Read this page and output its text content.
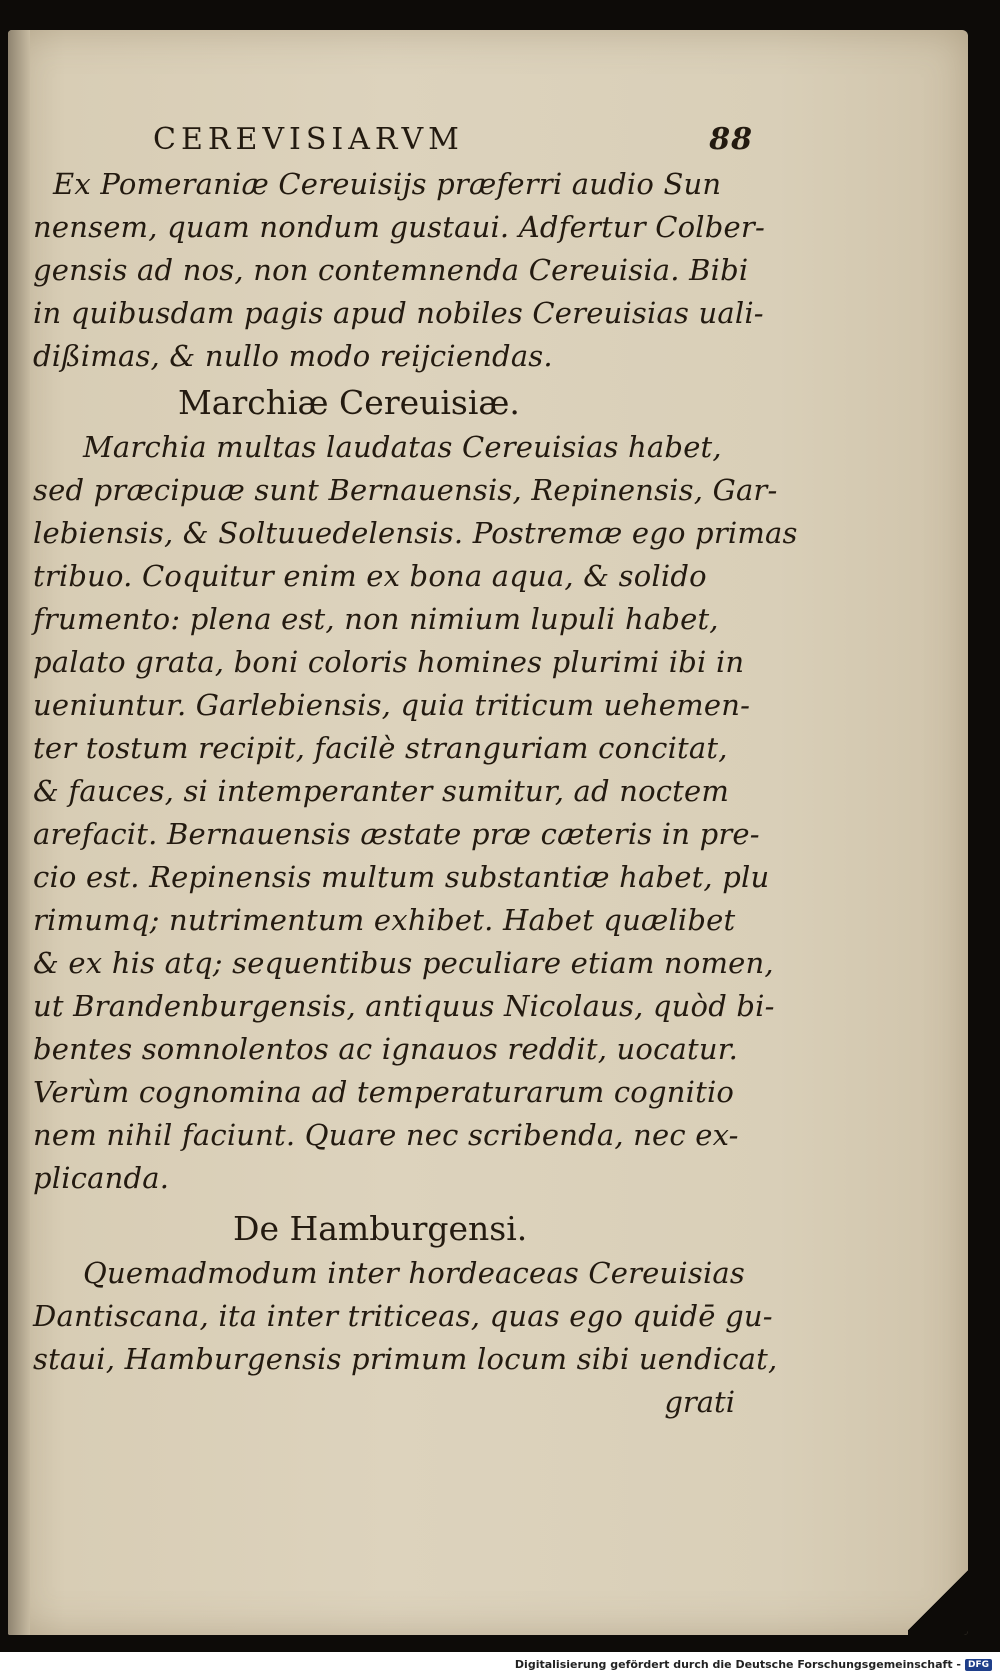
CEREVISIARVM	88
Ex Pomeraniæ Cereuisijs præferri audio Sun
nensem, quam nondum gustaui. Adfertur Colber-
gensis ad nos, non contemnenda Cereuisia. Bibi
in quibusdam pagis apud nobiles Cereuisias uali-
dißimas, & nullo modo reijciendas.
Marchiæ Cereuisiæ.
Marchia multas laudatas Cereuisias habet,
sed præcipuæ sunt Bernauensis, Repinensis, Gar-
lebiensis, & Soltuuedelensis. Postremæ ego primas
tribuo. Coquitur enim ex bona aqua, & solido
frumento: plena est, non nimium lupuli habet,
palato grata, boni coloris homines plurimi ibi in
ueniuntur. Garlebiensis, quia triticum uehemen-
ter tostum recipit, facilè stranguriam concitat,
& fauces, si intemperanter sumitur, ad noctem
arefacit. Bernauensis æstate præ cæteris in pre-
cio est. Repinensis multum substantiæ habet, plu
rimumq; nutrimentum exhibet. Habet quælibet
& ex his atq; sequentibus peculiare etiam nomen,
ut Brandenburgensis, antiquus Nicolaus, quòd bi-
bentes somnolentos ac ignauos reddit, uocatur.
Verùm cognomina ad temperaturarum cognitio
nem nihil faciunt. Quare nec scribenda, nec ex-
plicanda.
De Hamburgensi.
Quemadmodum inter hordeaceas Cereuisias
Dantiscana, ita inter triticeas, quas ego quidē gu-
staui, Hamburgensis primum locum sibi uendicat,
grati
Digitalisierung gefördert durch die Deutsche Forschungsgemeinschaft - DFG
